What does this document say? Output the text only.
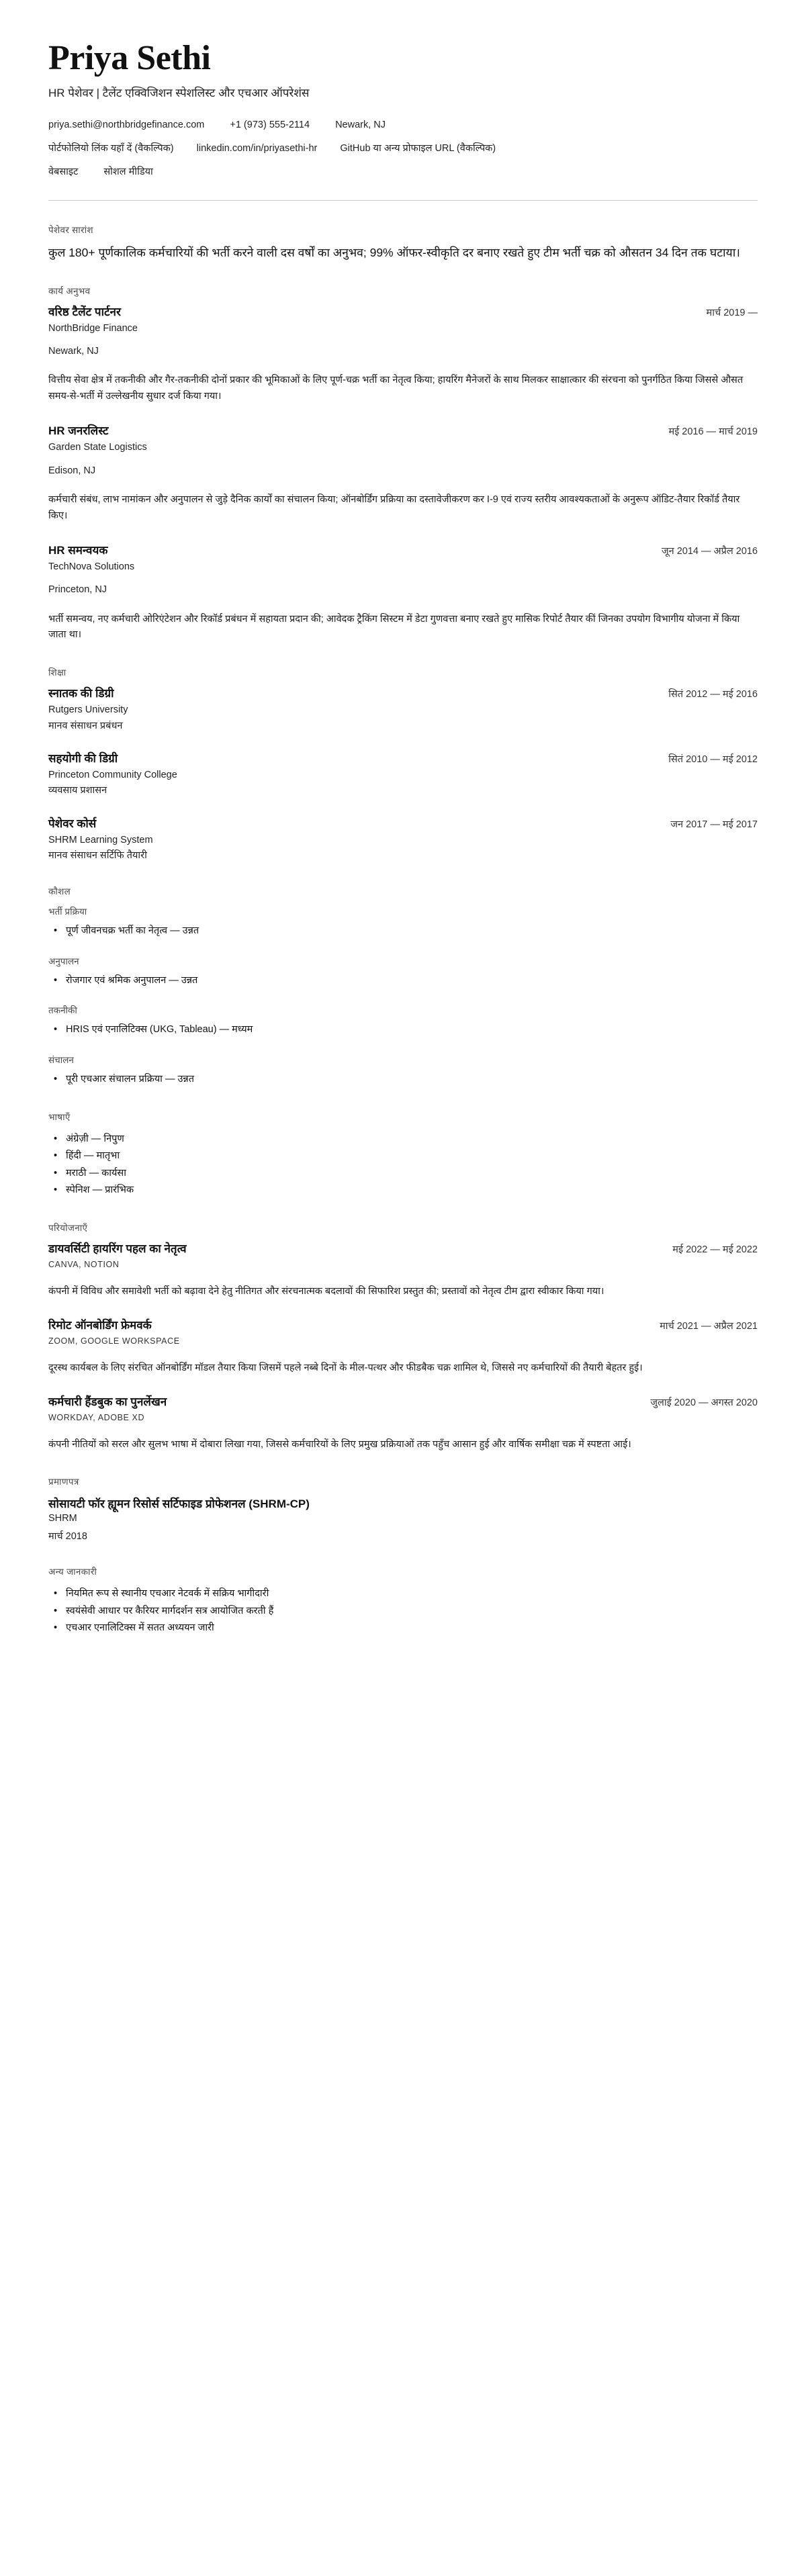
Priya Sethi
HR पेशेवर | टैलेंट एक्विजिशन स्पेशलिस्ट और एचआर ऑपरेशंस
priya.sethi@northbridgefinance.com	+1 (973) 555-2114	Newark, NJ
पोर्टफोलियो लिंक यहाँ दें (वैकल्पिक) linkedin.com/in/priyasethi-hr GitHub या अन्य प्रोफाइल URL (वैकल्पिक)
वेबसाइट	सोशल मीडिया
पेशेवर सारांश

कुल 180+ पूर्णकालिक कर्मचारियों की भर्ती करने वाली दस वर्षों का अनुभव; 99% ऑफर-स्वीकृति दर बनाए रखते हुए टीम भर्ती चक्र को औसतन 34 दिन तक घटाया।

कार्य अनुभव
वरिष्ठ टैलेंट पार्टनर	मार्च 2019 —
NorthBridge Finance
Newark, NJ
वित्तीय सेवा क्षेत्र में तकनीकी और गैर-तकनीकी दोनों प्रकार की भूमिकाओं के लिए पूर्ण-चक्र भर्ती का नेतृत्व किया; हायरिंग मैनेजरों के साथ मिलकर साक्षात्कार की संरचना को पुनर्गठित किया जिससे औसत समय-से-भर्ती में उल्लेखनीय सुधार दर्ज किया गया।
HR जनरलिस्ट	मई 2016 — मार्च 2019
Garden State Logistics
Edison, NJ
कर्मचारी संबंध, लाभ नामांकन और अनुपालन से जुड़े दैनिक कार्यों का संचालन किया; ऑनबोर्डिंग प्रक्रिया का दस्तावेजीकरण कर I-9 एवं राज्य स्तरीय आवश्यकताओं के अनुरूप ऑडिट-तैयार रिकॉर्ड तैयार किए।
HR समन्वयक	जून 2014 — अप्रैल 2016
TechNova Solutions
Princeton, NJ
भर्ती समन्वय, नए कर्मचारी ओरिएंटेशन और रिकॉर्ड प्रबंधन में सहायता प्रदान की; आवेदक ट्रैकिंग सिस्टम में डेटा गुणवत्ता बनाए रखते हुए मासिक रिपोर्ट तैयार कीं जिनका उपयोग विभागीय योजना में किया जाता था।
शिक्षा
स्नातक की डिग्री	सितं 2012 — मई 2016
Rutgers University
मानव संसाधन प्रबंधन
सहयोगी की डिग्री	सितं 2010 — मई 2012
Princeton Community College
व्यवसाय प्रशासन
पेशेवर कोर्स	जन 2017 — मई 2017
SHRM Learning System
मानव संसाधन सर्टिफि तैयारी
कौशल
भर्ती प्रक्रिया
• पूर्ण जीवनचक्र भर्ती का नेतृत्व — उन्नत
अनुपालन
• रोजगार एवं श्रमिक अनुपालन — उन्नत
तकनीकी
• HRIS एवं एनालिटिक्स (UKG, Tableau) — मध्यम
संचालन
• पूरी एचआर संचालन प्रक्रिया — उन्नत
भाषाएँ
• अंग्रेज़ी — निपुण
• हिंदी — मातृभा
• मराठी — कार्यसा
• स्पेनिश — प्रारंभिक
परियोजनाएँ
डायवर्सिटी हायरिंग पहल का नेतृत्व	मई 2022 — मई 2022
CANVA, NOTION
कंपनी में विविध और समावेशी भर्ती को बढ़ावा देने हेतु नीतिगत और संरचनात्मक बदलावों की सिफारिश प्रस्तुत की; प्रस्तावों को नेतृत्व टीम द्वारा स्वीकार किया गया।
रिमोट ऑनबोर्डिंग फ्रेमवर्क	मार्च 2021 — अप्रैल 2021
ZOOM, GOOGLE WORKSPACE
दूरस्थ कार्यबल के लिए संरचित ऑनबोर्डिंग मॉडल तैयार किया जिसमें पहले नब्बे दिनों के मील-पत्थर और फीडबैक चक्र शामिल थे, जिससे नए कर्मचारियों की तैयारी बेहतर हुई।
कर्मचारी हैंडबुक का पुनर्लेखन	जुलाई 2020 — अगस्त 2020
WORKDAY, ADOBE XD
कंपनी नीतियों को सरल और सुलभ भाषा में दोबारा लिखा गया, जिससे कर्मचारियों के लिए प्रमुख प्रक्रियाओं तक पहुँच आसान हुई और वार्षिक समीक्षा चक्र में स्पष्टता आई।
प्रमाणपत्र
सोसायटी फॉर ह्यूमन रिसोर्स सर्टिफाइड प्रोफेशनल (SHRM-CP)
SHRM
मार्च 2018
अन्य जानकारी
• नियमित रूप से स्थानीय एचआर नेटवर्क में सक्रिय भागीदारी
• स्वयंसेवी आधार पर कैरियर मार्गदर्शन सत्र आयोजित करती हैं
• एचआर एनालिटिक्स में सतत अध्ययन जारी
